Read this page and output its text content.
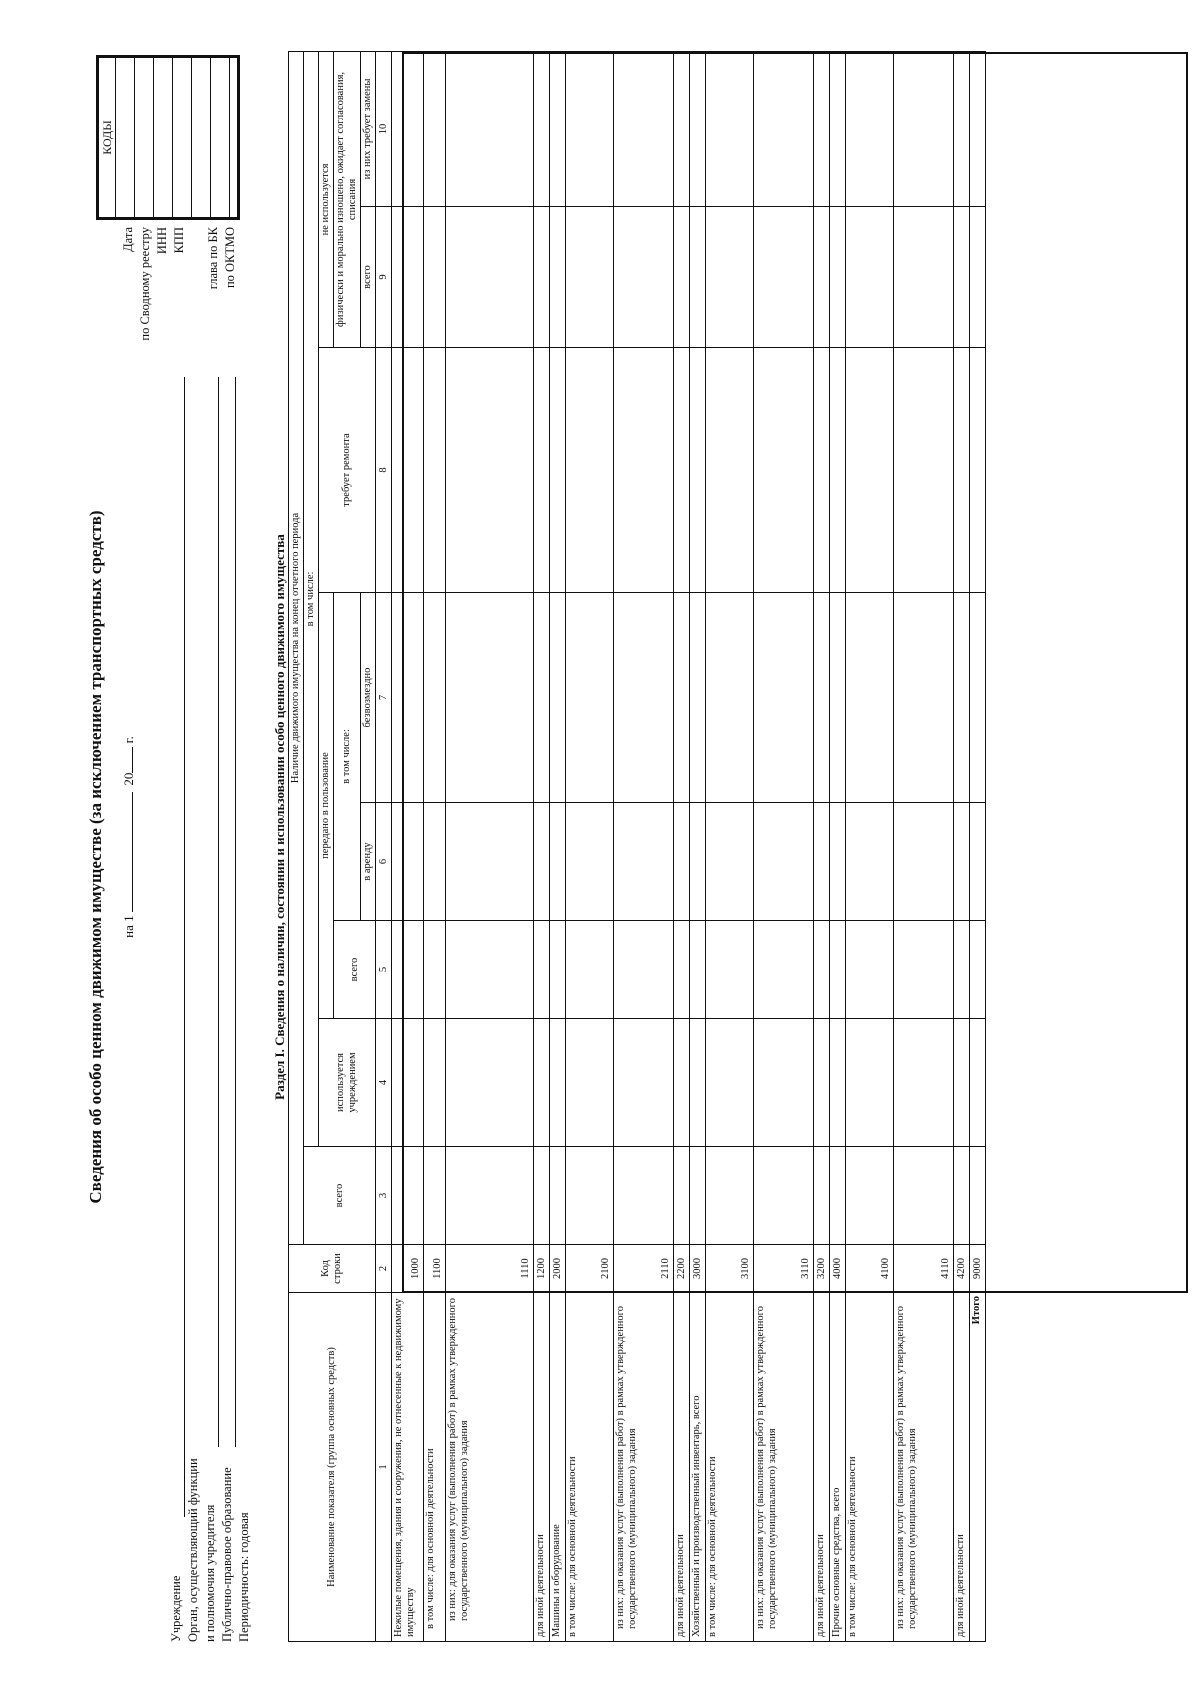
Сведения об особо ценном движимом имуществе (за исключением транспортных средств) на 1   20 г.
Учреждение Орган, осуществляющий функции и полномочия учредителя Публично-правовое образование Периодичность: годовая
Дата по Сводному реестру ИНН КПП глава по БК по ОКТМО
КОДЫ
Раздел I. Сведения о наличии, состоянии и использовании особо ценного движимого имущества
Наименование показателя (группа основных средств)	Код строки	Наличие движимого имущества на конец отчетного периода							
		всего	в том числе:						
			используется учреждением	передано в пользование			требует ремонта	не используется	
				всего	в том числе:			физически и морально изношено, ожидает согласования, списания	
					в аренду	безвозмездно		всего	из них требует замены
1	2	3	4	5	6	7	8	9	10
Нежилые помещения, здания и сооружения, не отнесенные к недвижимому имуществу	1000								
в том числе: для основной деятельности	1100								
из них: для оказания услуг (выполнения работ) в рамках утвержденного государственного (муниципального) задания	1110								
для иной деятельности	1200								
Машины и оборудование	2000								
в том числе: для основной деятельности	2100								
из них: для оказания услуг (выполнения работ) в рамках утвержденного государственного (муниципального) задания	2110								
для иной деятельности	2200								
Хозяйственный и производственный инвентарь, всего	3000								
в том числе: для основной деятельности	3100								
из них: для оказания услуг (выполнения работ) в рамках утвержденного государственного (муниципального) задания	3110								
для иной деятельности	3200								
Прочие основные средства, всего	4000								
в том числе: для основной деятельности	4100								
из них: для оказания услуг (выполнения работ) в рамках утвержденного государственного (муниципального) задания	4110								
для иной деятельности	4200								
Итого	9000								
